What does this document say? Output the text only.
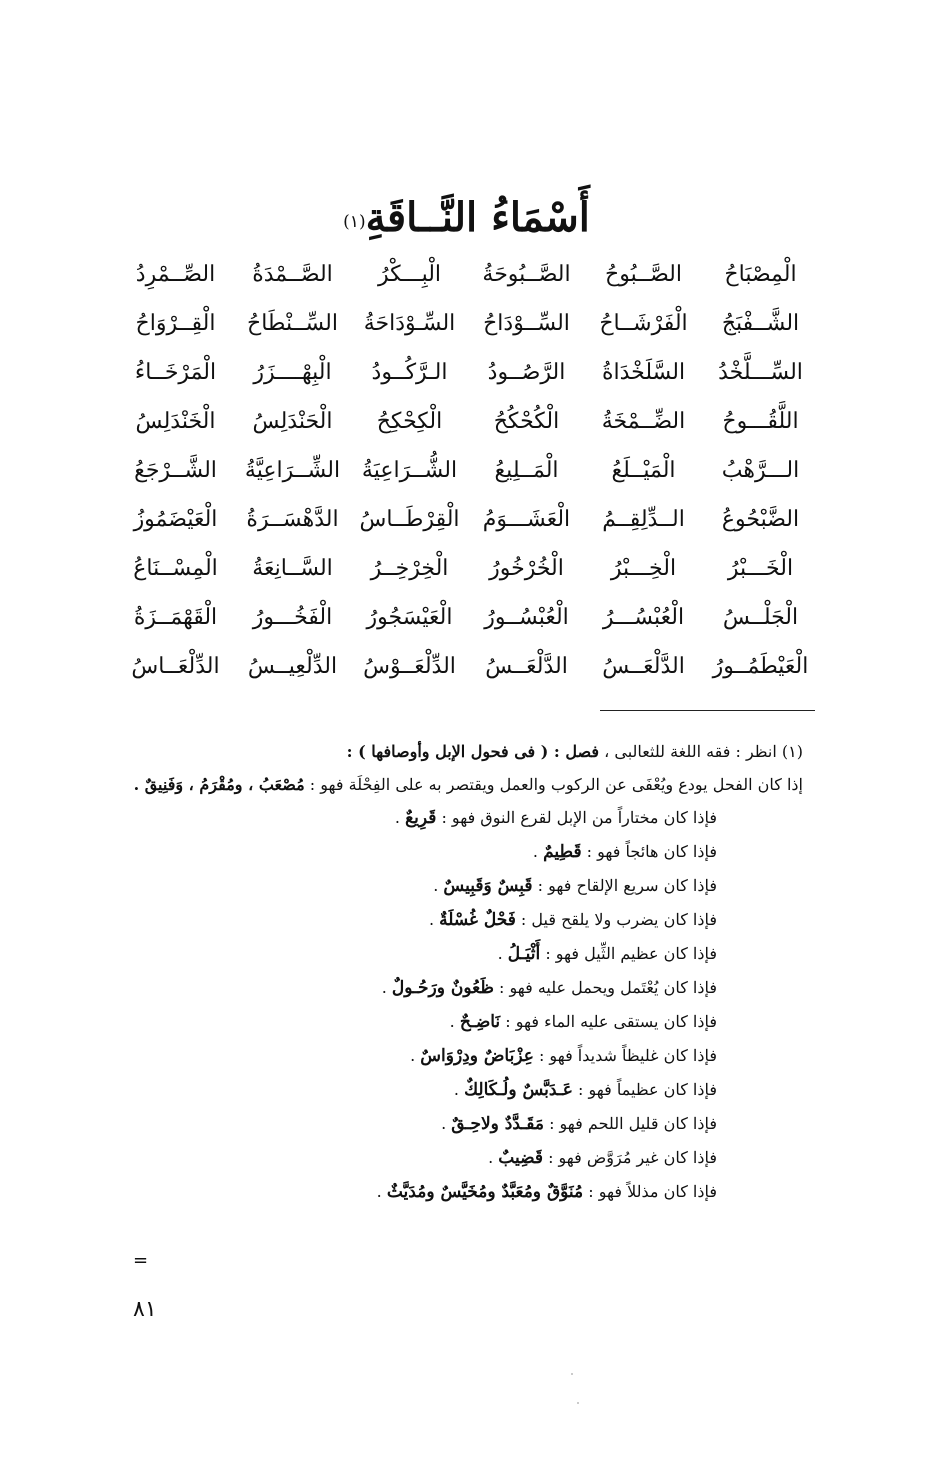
أَسْمَاءُ النَّــاقَةِ$^{(١)}$
الْمِصْبَاحُ
الصَّــبُوحُ
الصَّــبُوحَةُ
الْبِـــكْرُ
الصَّــمْدَةُ
الصِّــمْرِدُ
الشَّــفْبَجُ
الْفَرْشَــاحُ
السِّــوْدَاحُ
السِّـوْدَاحَةُ
السِّــنْطَاحُ
الْقِــرْوَاحُ
السِّـــلَّخْدُ
السَّلَخْدَاةُ
الرَّصُــودُ
الـرَّكُــودُ
الْبِهْــــزَرُ
الْمَرْخَــاءُ
اللَّقُـــوحُ
الضِّــمْخَةُ
الْكُحْكُحُ
الْكِحْكِحُ
الْحَنْدَلِسُ
الْخَنْدَلِسُ
الـــرَّهْبُ
الْمَيْــلَعُ
الْمَــلِيعُ
الشُّــرَاعِيَةُ
الشِّــرَاعِيَّةُ
الشَّــرْجَعُ
الضَّبْحُوعُ
الــدِّلِقِــمُ
الْعَشَـــوَمُ
الْقِرْطَــاسُ
الدَّهْسَــرَةُ
الْعَيْضَمُوزُ
الْخَـــبْرُ
الْخِـــبْرُ
الْخُرْخُورُ
الْخِرْخِــرُ
السَّــانِعَةُ
الْمِسْــنَاعُ
الْجَلْــسُ
الْعُبْسُـــرُ
الْعُبْسُــورُ
الْعَيْسَجُورُ
الْفَخُـــورُ
الْقَهْمَــزَةُ
الْعَيْطَمُــورُ
الدَّلْعَــسُ
الدَّلْعَــسُ
الدِّلْعَــوْسُ
الدِّلْعِيــسُ
الدِّلْعَــاسُ
(١) انظر : فقه اللغة للثعالبى ، فصل : ( فى فحول الإبل وأوصافها ) :
إذا كان الفحل يودع ويُعْفَى عن الركوب والعمل ويقتصر به على الفِحْلَة فهو : مُصْعَبُ ، ومُقْرَمُ ، وَفَنِيقٌ .
فإذا كان مختاراً من الإبل لقرع النوق فهو : قَرِيعٌ .
فإذا كان هائجاً فهو : قَطِيمٌ .
فإذا كان سريع الإلقاح فهو : قَبِسٌ وَقَبِيسٌ .
فإذا كان يضرب ولا يلقح قيل : فَحْلٌ غُسْلَةٌ .
فإذا كان عظيم الثِّيل فهو : أَثْيَـلُ .
فإذا كان يُعْتَمل ويحمل عليه فهو : ظَعُونٌ ورَحُـولٌ .
فإذا كان يستقى عليه الماء فهو : نَاضِـحٌ .
فإذا كان غليظاً شديداً فهو : عِزْبَاضٌ ودِرْوَاسٌ .
فإذا كان عظيماً فهو : عَـدَبَّسٌ ولُـكَالِكٌ .
فإذا كان قليل اللحم فهو : مَقَـدَّدٌ ولاحِـقٌ .
فإذا كان غير مُرَوَّض فهو : قَضِيبٌ .
فإذا كان مذللاً فهو : مُنَوَّقٌ ومُعَبَّدٌ ومُخَيَّسٌ ومُدَيَّثٌ .
=
٨١
